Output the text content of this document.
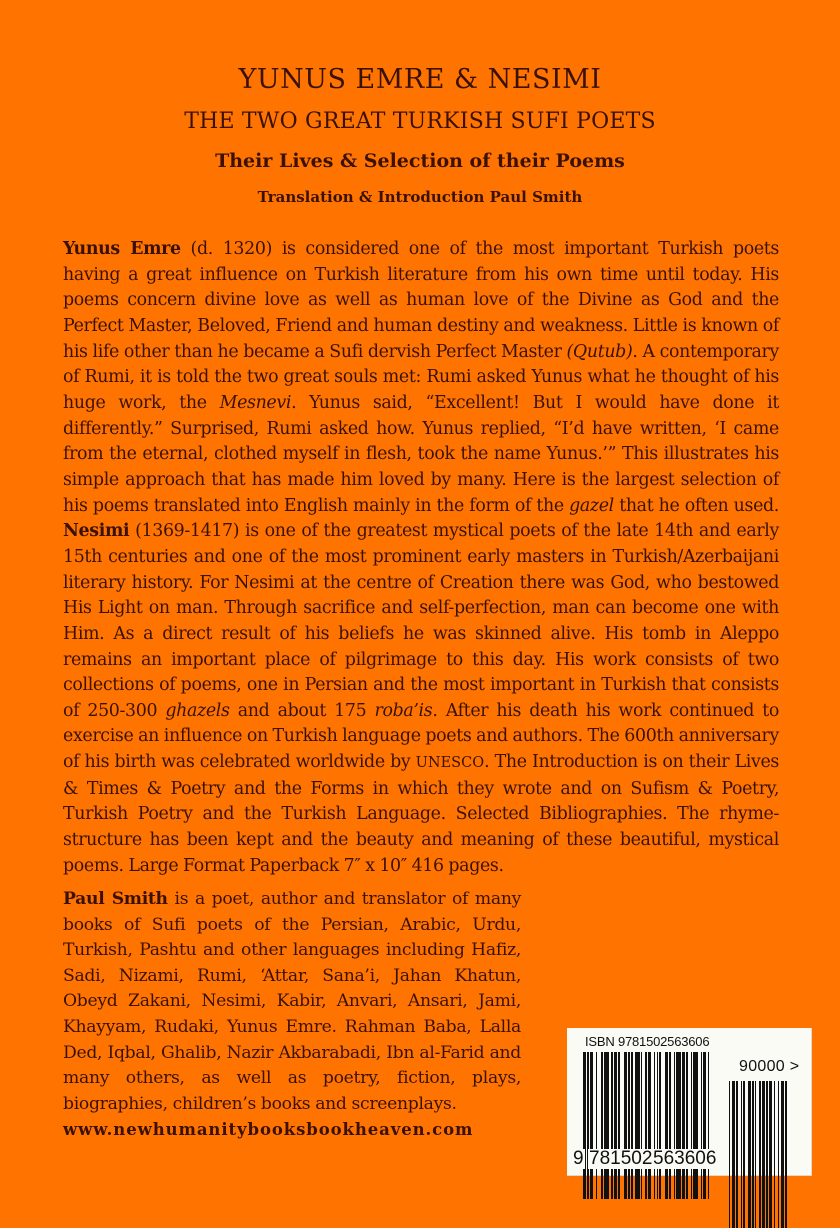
YUNUS EMRE & NESIMI
THE TWO GREAT TURKISH SUFI POETS
Their Lives & Selection of their Poems
Translation & Introduction Paul Smith

Yunus Emre (d. 1320) is considered one of the most important Turkish poets having a great influence on Turkish literature from his own time until today. His poems concern divine love as well as human love of the Divine as God and the Perfect Master, Beloved, Friend and human destiny and weakness. Little is known of his life other than he became a Sufi dervish Perfect Master (Qutub). A contemporary of Rumi, it is told the two great souls met: Rumi asked Yunus what he thought of his huge work, the Mesnevi. Yunus said, “Excellent! But I would have done it differently.” Surprised, Rumi asked how. Yunus replied, “I’d have written, ‘I came from the eternal, clothed myself in flesh, took the name Yunus.’” This illustrates his simple approach that has made him loved by many. Here is the largest selection of his poems translated into English mainly in the form of the gazel that he often used. Nesimi (1369-1417) is one of the greatest mystical poets of the late 14th and early 15th centuries and one of the most prominent early masters in Turkish/Azerbaijani literary history. For Nesimi at the centre of Creation there was God, who bestowed His Light on man. Through sacrifice and self-perfection, man can become one with Him. As a direct result of his beliefs he was skinned alive. His tomb in Aleppo remains an important place of pilgrimage to this day. His work consists of two collections of poems, one in Persian and the most important in Turkish that consists of 250-300 ghazels and about 175 roba’is. After his death his work continued to exercise an influence on Turkish language poets and authors. The 600th anniversary of his birth was celebrated worldwide by UNESCO. The Introduction is on their Lives & Times & Poetry and the Forms in which they wrote and on Sufism & Poetry, Turkish Poetry and the Turkish Language. Selected Bibliographies. The rhyme-structure has been kept and the beauty and meaning of these beautiful, mystical poems. Large Format Paperback 7″ x 10″ 416 pages.

Paul Smith is a poet, author and translator of many books of Sufi poets of the Persian, Arabic, Urdu, Turkish, Pashtu and other languages including Hafiz, Sadi, Nizami, Rumi, ‘Attar, Sana’i, Jahan Khatun, Obeyd Zakani, Nesimi, Kabir, Anvari, Ansari, Jami, Khayyam, Rudaki, Yunus Emre. Rahman Baba, Lalla Ded, Iqbal, Ghalib, Nazir Akbarabadi, Ibn al-Farid and many others, as well as poetry, fiction, plays, biographies, children’s books and screenplays.

www.newhumanitybooksbookheaven.com
ISBN 9781502563606
90000 >
9 781502 563606
